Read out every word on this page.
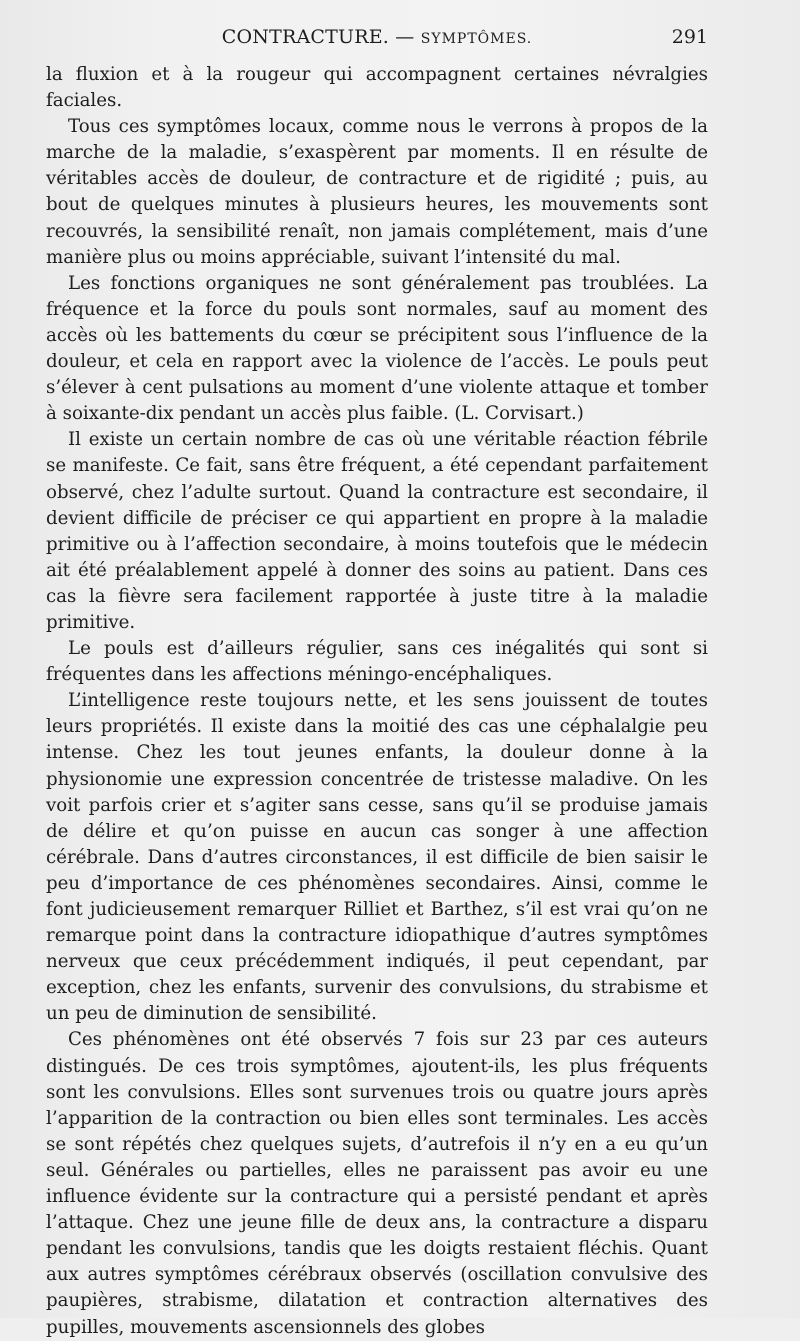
CONTRACTURE. — SYMPTÔMES.	291

la fluxion et à la rougeur qui accompagnent certaines névralgies faciales.

Tous ces symptômes locaux, comme nous le verrons à propos de la marche de la maladie, s’exaspèrent par moments. Il en résulte de véritables accès de douleur, de contracture et de rigidité ; puis, au bout de quelques minutes à plusieurs heures, les mouvements sont recouvrés, la sensibilité renaît, non jamais complétement, mais d’une manière plus ou moins appréciable, suivant l’intensité du mal.

Les fonctions organiques ne sont généralement pas troublées. La fréquence et la force du pouls sont normales, sauf au moment des accès où les battements du cœur se précipitent sous l’influence de la douleur, et cela en rapport avec la violence de l’accès. Le pouls peut s’élever à cent pulsations au moment d’une violente attaque et tomber à soixante-dix pendant un accès plus faible. (L. Corvisart.)

Il existe un certain nombre de cas où une véritable réaction fébrile se manifeste. Ce fait, sans être fréquent, a été cependant parfaitement observé, chez l’adulte surtout. Quand la contracture est secondaire, il devient difficile de préciser ce qui appartient en propre à la maladie primitive ou à l’affection secondaire, à moins toutefois que le médecin ait été préalablement appelé à donner des soins au patient. Dans ces cas la fièvre sera facilement rapportée à juste titre à la maladie primitive.

Le pouls est d’ailleurs régulier, sans ces inégalités qui sont si fréquentes dans les affections méningo-encéphaliques.

L’intelligence reste toujours nette, et les sens jouissent de toutes leurs propriétés. Il existe dans la moitié des cas une céphalalgie peu intense. Chez les tout jeunes enfants, la douleur donne à la physionomie une expression concentrée de tristesse maladive. On les voit parfois crier et s’agiter sans cesse, sans qu’il se produise jamais de délire et qu’on puisse en aucun cas songer à une affection cérébrale. Dans d’autres circonstances, il est difficile de bien saisir le peu d’importance de ces phénomènes secondaires. Ainsi, comme le font judicieusement remarquer Rilliet et Barthez, s’il est vrai qu’on ne remarque point dans la contracture idiopathique d’autres symptômes nerveux que ceux précédemment indiqués, il peut cependant, par exception, chez les enfants, survenir des convulsions, du strabisme et un peu de diminution de sensibilité.

Ces phénomènes ont été observés 7 fois sur 23 par ces auteurs distingués. De ces trois symptômes, ajoutent-ils, les plus fréquents sont les convulsions. Elles sont survenues trois ou quatre jours après l’apparition de la contraction ou bien elles sont terminales. Les accès se sont répétés chez quelques sujets, d’autrefois il n’y en a eu qu’un seul. Générales ou partielles, elles ne paraissent pas avoir eu une influence évidente sur la contracture qui a persisté pendant et après l’attaque. Chez une jeune fille de deux ans, la contracture a disparu pendant les convulsions, tandis que les doigts restaient fléchis. Quant aux autres symptômes cérébraux observés (oscillation convulsive des paupières, strabisme, dilatation et contraction alternatives des pupilles, mouvements ascensionnels des globes
